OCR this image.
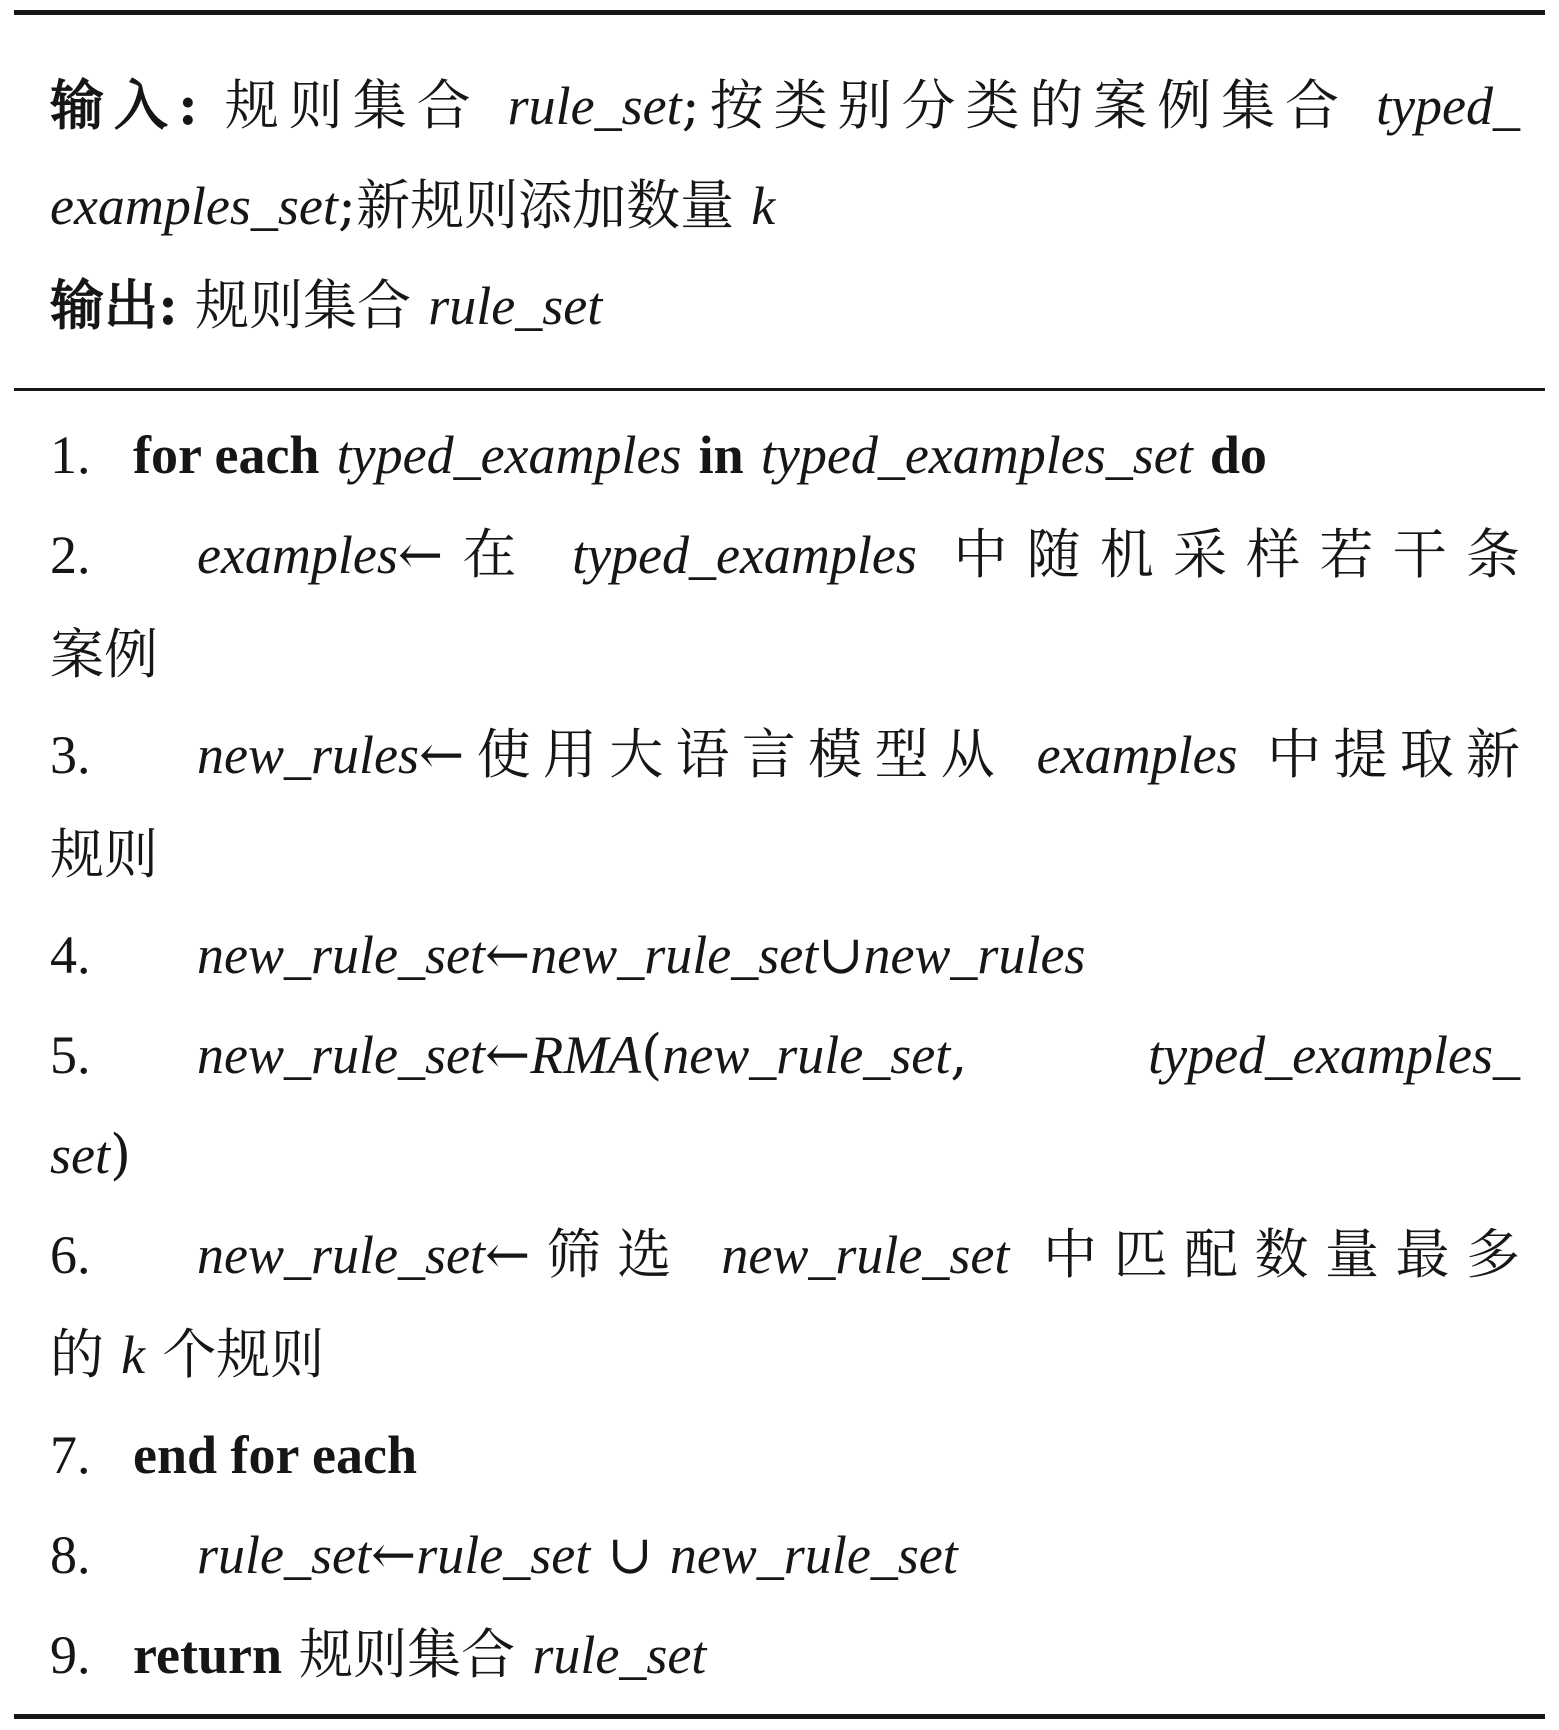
输入: 规则集合 rule_set;按类别分类的案例集合 typed_
examples_set;新规则添加数量 k
输出: 规则集合 rule_set
1. for each typed_examples in typed_examples_set do
2. examples←在 typed_examples 中随机采样若干条
案例
3. new_rules←使用大语言模型从 examples 中提取新
规则
4. new_rule_set←new_rule_set∪new_rules
5. new_rule_set←RMA(new_rule_set,	typed_examples_
set)
6. new_rule_set←筛选 new_rule_set 中匹配数量最多
的 k 个规则
7. end for each
8. rule_set←rule_set ∪ new_rule_set
9. return 规则集合 rule_set
